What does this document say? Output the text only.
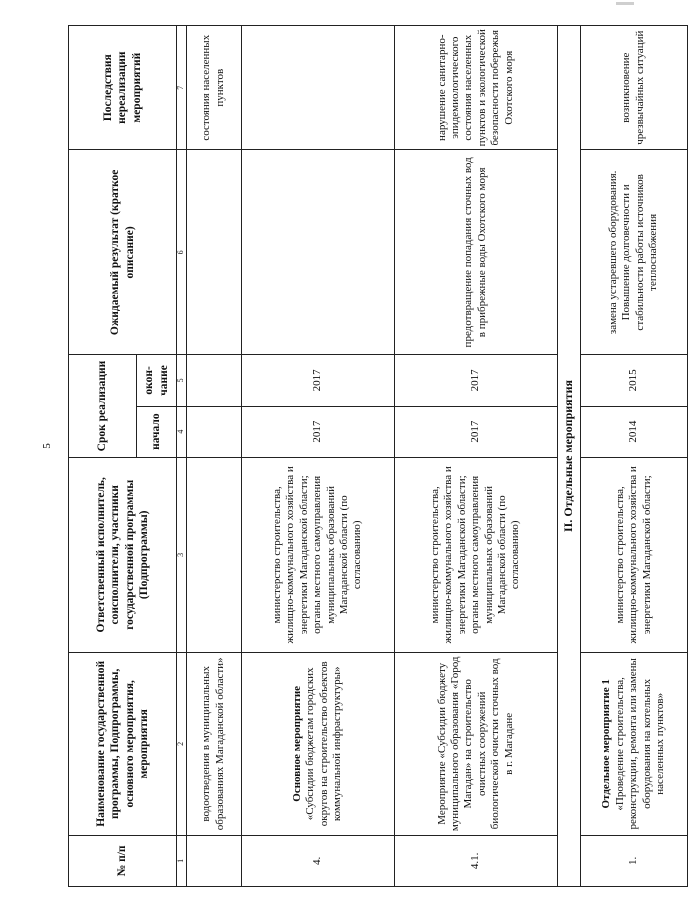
5
№ п/п	Наименование государственной программы, Подпрограммы, основного мероприятия, мероприятия	Ответственный исполнитель, соисполнители, участники государственной программы (Подпрограммы)	Срок реализации		Ожидаемый результат (краткое описание)	Последствия нереализации мероприятий
			начало	окон-чание		
1	2	3	4	5	6	7
	водоотведения в муниципальных образованиях Магаданской области»					состояния населенных пунктов
4.	Основное мероприятие «Субсидии бюджетам городских округов на строительство объектов коммунальной инфраструктуры»	министерство строительства, жилищно-коммунального хозяйства и энергетики Магаданской области; органы местного самоуправления муниципальных образований Магаданской области (по согласованию)	2017	2017		
4.1.	Мероприятие «Субсидии бюджету муниципального образования «Город Магадан» на строительство очистных сооружений биологической очистки сточных вод в г. Магадане	министерство строительства, жилищно-коммунального хозяйства и энергетики Магаданской области; органы местного самоуправления муниципальных образований Магаданской области (по согласованию)	2017	2017	предотвращение попадания сточных вод в прибрежные воды Охотского моря	нарушение санитарно-эпидемиологического состояния населенных пунктов и экологической безопасности побережья Охотского моря
II. Отдельные мероприятия						
1.	Отдельное мероприятие 1 «Проведение строительства, реконструкции, ремонта или замены оборудования на котельных населенных пунктов»	министерство строительства, жилищно-коммунального хозяйства и энергетики Магаданской области;	2014	2015	замена устаревшего оборудования. Повышение долговечности и стабильности работы источников теплоснабжения	возникновение чрезвычайных ситуаций
